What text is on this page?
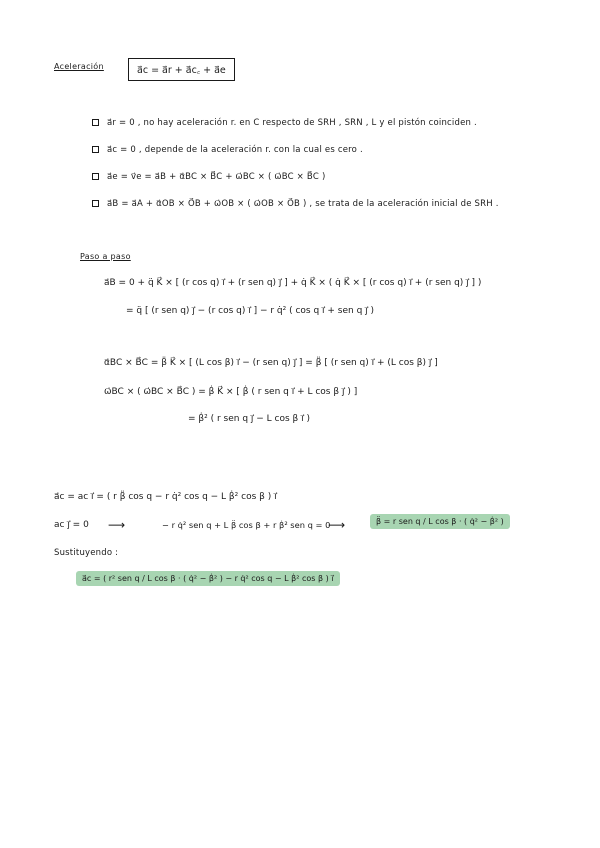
Aceleración	a⃗c = a⃗r + a⃗c꜀ + a⃗e
a⃗r = 0 , no hay aceleración r. en C respecto de SRH , SRN , L y el pistón coinciden .
a⃗c = 0 , depende de la aceleración r. con la cual es cero .
a⃗e = v⃗e = a⃗B + α⃗BC × B⃗C + ω⃗BC × ( ω⃗BC × B⃗C )
a⃗B = a⃗A + α⃗OB × O⃗B + ω⃗OB × ( ω⃗OB × O⃗B ) , se trata de la aceleración inicial de SRH .
Paso a paso
a⃗B = 0 + q̈ K⃗ × [ (r cos q) i⃗ + (r sen q) j⃗ ] + q̇ K⃗ × ( q̇ K⃗ × [ (r cos q) i⃗ + (r sen q) j⃗ ] )
= q̈ [ (r sen q) j⃗ − (r cos q) i⃗ ] − r q̇² ( cos q i⃗ + sen q j⃗ )
α⃗BC × B⃗C = β̈ K⃗ × [ (L cos β) i⃗ − (r sen q) j⃗ ] = β̈ [ (r sen q) i⃗ + (L cos β) j⃗ ]
ω⃗BC × ( ω⃗BC × B⃗C ) = β̇ K⃗ × [ β̇ ( r sen q i⃗ + L cos β j⃗ ) ]
= β̇² ( r sen q j⃗ − L cos β i⃗ )
a⃗c = ac i⃗ = ( r β̈ cos q − r q̇² cos q − L β̇² cos β ) i⃗
ac j⃗ = 0 ⟶	− r q̇² sen q + L β̈ cos β + r β̇² sen q = 0
⟶	β̈ = r sen q / L cos β · ( q̇² − β̇² )
Sustituyendo :
a⃗c = ( r² sen q / L cos β · ( q̇² − β̇² ) − r q̇² cos q − L β̇² cos β ) i⃗
